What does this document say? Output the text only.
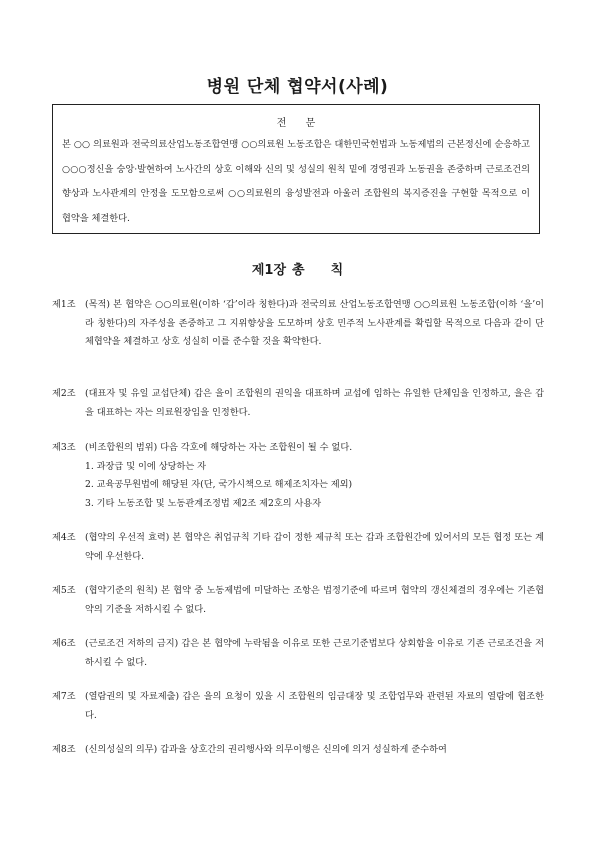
병원 단체 협약서(사례)
전 문

본 ○○ 의료원과 전국의료산업노동조합연맹 ○○의료원 노동조합은 대한민국헌법과 노동제법의 근본정신에 순응하고 ○○○정신을 숭앙·발현하여 노사간의 상호 이해와 신의 및 성실의 원칙 밑에 경영권과 노동권을 존중하며 근로조건의 향상과 노사관계의 안정을 도모함으로써 ○○의료원의 융성발전과 아울러 조합원의 복지증진을 구현할 목적으로 이 협약을 체결한다.

제1장 총 칙
제1조	(목적) 본 협약은 ○○의료원(이하 ‘갑’이라 칭한다)과 전국의료 산업노동조합연맹 ○○의료원 노동조합(이하 ‘을’이라 칭한다)의 자주성을 존중하고 그 지위향상을 도모하며 상호 민주적 노사관계를 확립할 목적으로 다음과 같이 단체협약을 체결하고 상호 성실히 이를 준수할 것을 확약한다.

제2조	(대표자 및 유일 교섭단체) 갑은 을이 조합원의 권익을 대표하며 교섭에 임하는 유일한 단체임을 인정하고, 을은 갑을 대표하는 자는 의료원장임을 인정한다.

제3조	(비조합원의 범위) 다음 각호에 해당하는 자는 조합원이 될 수 없다.

1. 과장급 및 이에 상당하는 자
2. 교육공무원법에 해당된 자(단, 국가시책으로 해제조치자는 제외)
3. 기타 노동조합 및 노동관계조정법 제2조 제2호의 사용자
제4조	(협약의 우선적 효력) 본 협약은 취업규칙 기타 갑이 정한 제규칙 또는 갑과 조합원간에 있어서의 모든 협정 또는 계약에 우선한다.

제5조	(협약기준의 원칙) 본 협약 중 노동제법에 미달하는 조항은 법정기준에 따르며 협약의 갱신체결의 경우에는 기존협약의 기준을 저하시킬 수 없다.

제6조	(근로조건 저하의 금지) 갑은 본 협약에 누락됨을 이유로 또한 근로기준법보다 상회함을 이유로 기존 근로조건을 저하시킬 수 없다.

제7조	(열람권의 및 자료제출) 갑은 을의 요청이 있을 시 조합원의 임금대장 및 조합업무와 관련된 자료의 열람에 협조한다.

제8조	(신의성실의 의무) 갑과을 상호간의 권리행사와 의무이행은 신의에 의거 성실하게 준수하여
